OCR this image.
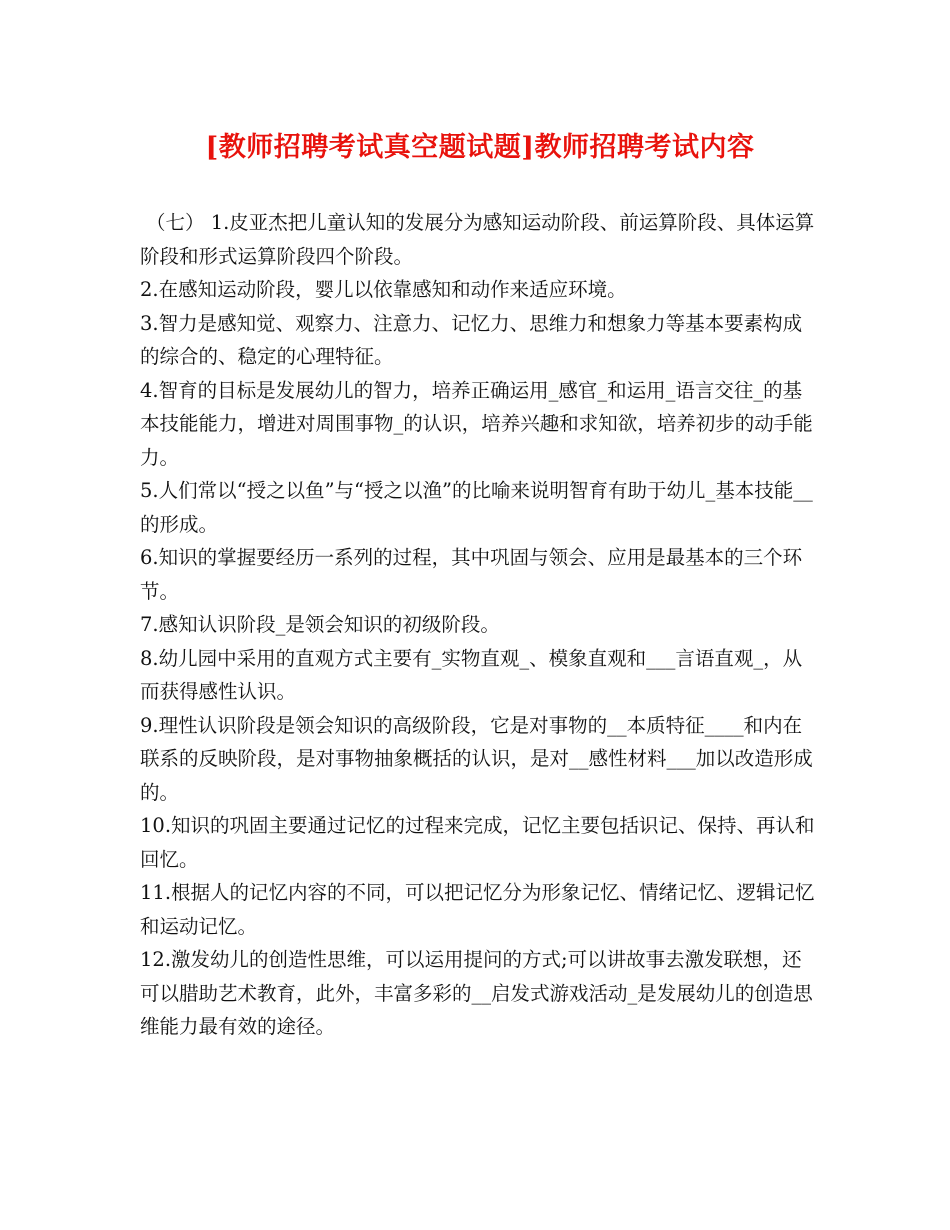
[教师招聘考试真空题试题]教师招聘考试内容

（七） 1.皮亚杰把儿童认知的发展分为感知运动阶段、前运算阶段、具体运算阶段和形式运算阶段四个阶段。

2.在感知运动阶段，婴儿以依靠感知和动作来适应环境。

3.智力是感知觉、观察力、注意力、记忆力、思维力和想象力等基本要素构成的综合的、稳定的心理特征。

4.智育的目标是发展幼儿的智力，培养正确运用_感官_和运用_语言交往_的基本技能能力，增进对周围事物_的认识，培养兴趣和求知欲，培养初步的动手能力。

5.人们常以“授之以鱼”与“授之以渔”的比喻来说明智育有助于幼儿_基本技能__的形成。

6.知识的掌握要经历一系列的过程，其中巩固与领会、应用是最基本的三个环节。

7.感知认识阶段_是领会知识的初级阶段。

8.幼儿园中采用的直观方式主要有_实物直观_、模象直观和___言语直观_，从而获得感性认识。

9.理性认识阶段是领会知识的高级阶段，它是对事物的__本质特征____和内在联系的反映阶段，是对事物抽象概括的认识，是对__感性材料___加以改造形成的。

10.知识的巩固主要通过记忆的过程来完成，记忆主要包括识记、保持、再认和回忆。

11.根据人的记忆内容的不同，可以把记忆分为形象记忆、情绪记忆、逻辑记忆和运动记忆。

12.激发幼儿的创造性思维，可以运用提问的方式;可以讲故事去激发联想，还可以腊助艺术教育，此外，丰富多彩的__启发式游戏活动_是发展幼儿的创造思维能力最有效的途径。
